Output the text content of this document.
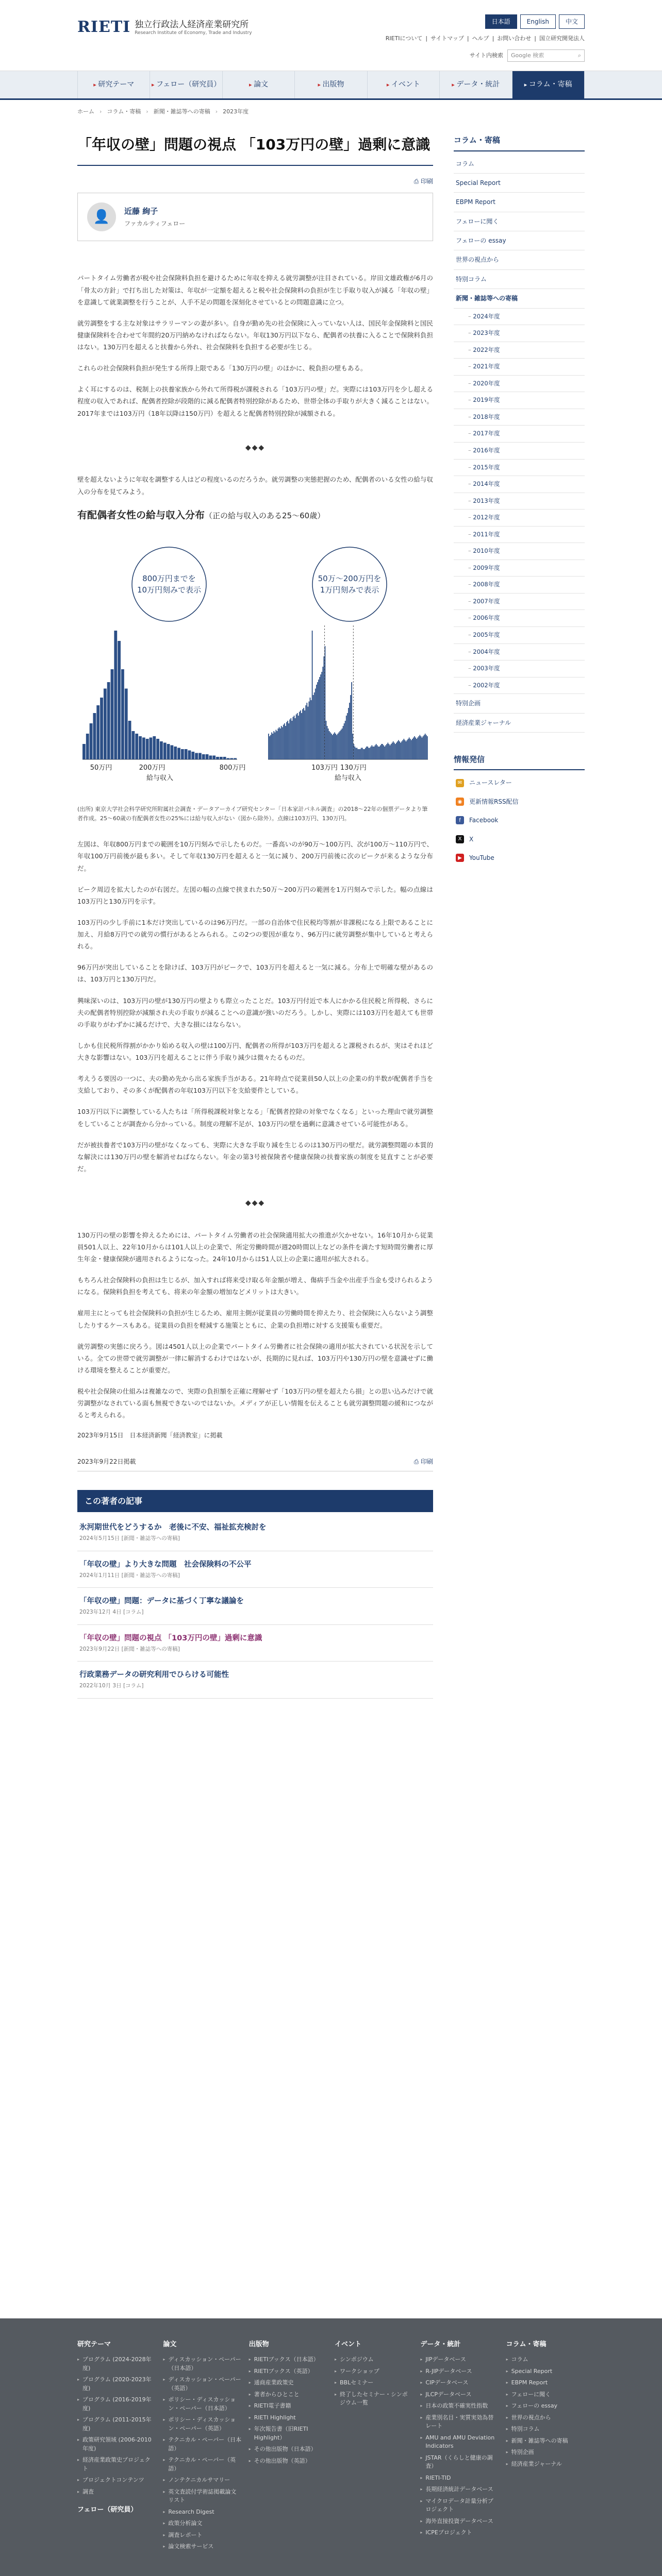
RIETI 独立行政法人経済産業研究所
Research Institute of Economy, Trade and Industry
日本語	English	中文
RIETIについて | サイトマップ | ヘルプ | お問い合わせ | 国立研究開発法人
サイト内検索 Google 検索	⌕
▸ 研究テーマ	▸ フェロー（研究員）	▸ 論文	▸ 出版物	▸ イベント	▸ データ・統計	▸ コラム・寄稿
ホーム › コラム・寄稿 › 新聞・雑誌等への寄稿 › 2023年度
「年収の壁」問題の視点 「103万円の壁」過剰に意識
⎙ 印刷
👤	近藤 絢子
ファカルティフェロー

パートタイム労働者が税や社会保険料負担を避けるために年収を抑える就労調整が注目されている。岸田文雄政権が6月の「骨太の方針」で打ち出した対策は、年収が一定額を超えると税や社会保険料の負担が生じ手取り収入が減る「年収の壁」を意識して就業調整を行うことが、人手不足の問題を深刻化させているとの問題意識に立つ。

就労調整をする主な対象はサラリーマンの妻が多い。自身が勤め先の社会保険に入っていない人は、国民年金保険料と国民健康保険料を合わせて年間約20万円納めなければならない。年収130万円以下なら、配偶者の扶養に入ることで保険料負担はない。130万円を超えると扶養から外れ、社会保険料を負担する必要が生じる。

これらの社会保険料負担が発生する所得上限である「130万円の壁」のほかに、税負担の壁もある。

よく耳にするのは、税制上の扶養家族から外れて所得税が課税される「103万円の壁」だ。実際には103万円を少し超える程度の収入であれば、配偶者控除が段階的に減る配偶者特別控除があるため、世帯全体の手取りが大きく減ることはない。2017年までは103万円（18年以降は150万円）を超えると配偶者特別控除が減額される。

◆◆◆

壁を超えないように年収を調整する人はどの程度いるのだろうか。就労調整の実態把握のため、配偶者のいる女性の給与収入の分布を見てみよう。

有配偶者女性の給与収入分布（正の給与収入のある25〜60歳）
50万円	200万円	800万円
給与収入
103万円 130万円
給与収入
800万円までを
10万円刻みで表示
50万〜200万円を
1万円刻みで表示
(出所) 東京大学社会科学研究所附属社会調査・データアーカイブ研究センター「日本家計パネル調査」の2018〜22年の個票データより筆者作成。25〜60歳の有配偶者女性の25%には給与収入がない（図から除外）。点線は103万円、130万円。

左図は、年収800万円までの範囲を10万円刻みで示したものだ。一番高いのが90万〜100万円、次が100万〜110万円で、年収100万円前後が最も多い。そして年収130万円を超えると一気に減り、200万円前後に次のピークが来るような分布だ。

ピーク周辺を拡大したのが右図だ。左図の幅の点線で挟まれた50万〜200万円の範囲を1万円刻みで示した。幅の点線は103万円と130万円を示す。

103万円の少し手前に1本だけ突出しているのは96万円だ。一部の自治体で住民税均等割が非課税になる上限であることに加え、月給8万円での就労の慣行があるとみられる。この2つの要因が重なり、96万円に就労調整が集中していると考えられる。

96万円が突出していることを除けば、103万円がピークで、103万円を超えると一気に減る。分布上で明確な壁があるのは、103万円と130万円だ。

興味深いのは、103万円の壁が130万円の壁よりも際立ったことだ。103万円付近で本人にかかる住民税と所得税、さらに夫の配偶者特別控除が減額され夫の手取りが減ることへの意識が強いのだろう。しかし、実際には103万円を超えても世帯の手取りがわずかに減るだけで、大きな損にはならない。

しかも住民税所得割がかかり始める収入の壁は100万円、配偶者の所得が103万円を超えると課税されるが、実はそれほど大きな影響はない。103万円を超えることに伴う手取り減少は微々たるものだ。

考えうる要因の一つに、夫の勤め先から出る家族手当がある。21年時点で従業員50人以上の企業の約半数が配偶者手当を支給しており、その多くが配偶者の年収103万円以下を支給要件としている。

103万円以下に調整している人たちは「所得税課税対象となる」「配偶者控除の対象でなくなる」といった理由で就労調整をしていることが調査から分かっている。制度の理解不足が、103万円の壁を過剰に意識させている可能性がある。

だが被扶養者で103万円の壁がなくなっても、実際に大きな手取り減を生じるのは130万円の壁だ。就労調整問題の本質的な解決には130万円の壁を解消せねばならない。年金の第3号被保険者や健康保険の扶養家族の制度を見直すことが必要だ。

◆◆◆

130万円の壁の影響を抑えるためには、パートタイム労働者の社会保険適用拡大の推進が欠かせない。16年10月から従業員501人以上、22年10月からは101人以上の企業で、所定労働時間が週20時間以上などの条件を満たす短時間労働者に厚生年金・健康保険が適用されるようになった。24年10月からは51人以上の企業に適用が拡大される。

もちろん社会保険料の負担は生じるが、加入すれば将来受け取る年金額が増え、傷病手当金や出産手当金も受けられるようになる。保険料負担を考えても、将来の年金額の増加などメリットは大きい。

雇用主にとっても社会保険料の負担が生じるため、雇用主側が従業員の労働時間を抑えたり、社会保険に入らないよう調整したりするケースもある。従業員の負担を軽減する施策とともに、企業の負担増に対する支援策も重要だ。

就労調整の実態に戻ろう。図は4501人以上の企業でパートタイム労働者に社会保険の適用が拡大されている状況を示している。全ての世帯で就労調整が一律に解消するわけではないが、長期的に見れば、103万円や130万円の壁を意識せずに働ける環境を整えることが重要だ。

税や社会保険の仕組みは複雑なので、実際の負担額を正確に理解せず「103万円の壁を超えたら損」との思い込みだけで就労調整がなされている面も無視できないのではないか。メディアが正しい情報を伝えることも就労調整問題の緩和につながると考えられる。

2023年9月15日　日本経済新聞「経済教室」に掲載
2023年9月22日掲載	⎙ 印刷
この著者の記事
氷河期世代をどうするか　老後に不安、福祉拡充検討を
2024年5月15日 [新聞・雑誌等への寄稿]
「年収の壁」より大きな問題　社会保険料の不公平
2024年1月11日 [新聞・雑誌等への寄稿]
「年収の壁」問題：データに基づく丁寧な議論を
2023年12月 4日 [コラム]
「年収の壁」問題の視点 「103万円の壁」過剰に意識
2023年9月22日 [新聞・雑誌等への寄稿]
行政業務データの研究利用でひらける可能性
2022年10月 3日 [コラム]
コラム・寄稿
コラム
Special Report
EBPM Report
フェローに聞く
フェローの essay
世界の視点から
特別コラム
新聞・雑誌等への寄稿
– 2024年度
– 2023年度
– 2022年度
– 2021年度
– 2020年度
– 2019年度
– 2018年度
– 2017年度
– 2016年度
– 2015年度
– 2014年度
– 2013年度
– 2012年度
– 2011年度
– 2010年度
– 2009年度
– 2008年度
– 2007年度
– 2006年度
– 2005年度
– 2004年度
– 2003年度
– 2002年度
特別企画
経済産業ジャーナル
情報発信
✉	ニュースレター
◉	更新情報RSS配信
f	Facebook
X	X
▶	YouTube
研究テーマ
▸ プログラム (2024-2028年度)
▸ プログラム (2020-2023年度)
▸ プログラム (2016-2019年度)
▸ プログラム (2011-2015年度)
▸ 政策研究領域 (2006-2010年度)
▸ 経済産業政策史プロジェクト
▸ プロジェクトコンテンツ
▸ 調査
フェロー（研究員）
論文
▸ ディスカッション・ペーパー（日本語）
▸ ディスカッション・ペーパー（英語）
▸ ポリシー・ディスカッション・ペーパー（日本語）
▸ ポリシー・ディスカッション・ペーパー（英語）
▸ テクニカル・ペーパー（日本語）
▸ テクニカル・ペーパー（英語）
▸ ノンテクニカルサマリー
▸ 英文査読付学術誌掲載論文リスト
▸ Research Digest
▸ 政策分析論文
▸ 調査レポート
▸ 論文検索サービス
出版物
▸ RIETIブックス（日本語）
▸ RIETIブックス（英語）
▸ 通商産業政策史
▸ 著者からひとこと
▸ RIETI電子書籍
▸ RIETI Highlight
▸ 年次報告書（旧RIETI Highlight）
▸ その他出版物（日本語）
▸ その他出版物（英語）
イベント
▸ シンポジウム
▸ ワークショップ
▸ BBLセミナー
▸ 終了したセミナー・シンポジウム一覧
データ・統計
▸ JIPデータベース
▸ R-JIPデータベース
▸ CIPデータベース
▸ JLCPデータベース
▸ 日本の政策不確実性指数
▸ 産業別名目・実質実効為替レート
▸ AMU and AMU Deviation Indicators
▸ JSTAR（くらしと健康の調査）
▸ RIETI-TID
▸ 長期経済統計データベース
▸ マイクロデータ計量分析プロジェクト
▸ 海外直接投資データベース
▸ ICPEプロジェクト
コラム・寄稿
▸ コラム
▸ Special Report
▸ EBPM Report
▸ フェローに聞く
▸ フェローの essay
▸ 世界の視点から
▸ 特別コラム
▸ 新聞・雑誌等への寄稿
▸ 特別企画
▸ 経済産業ジャーナル
